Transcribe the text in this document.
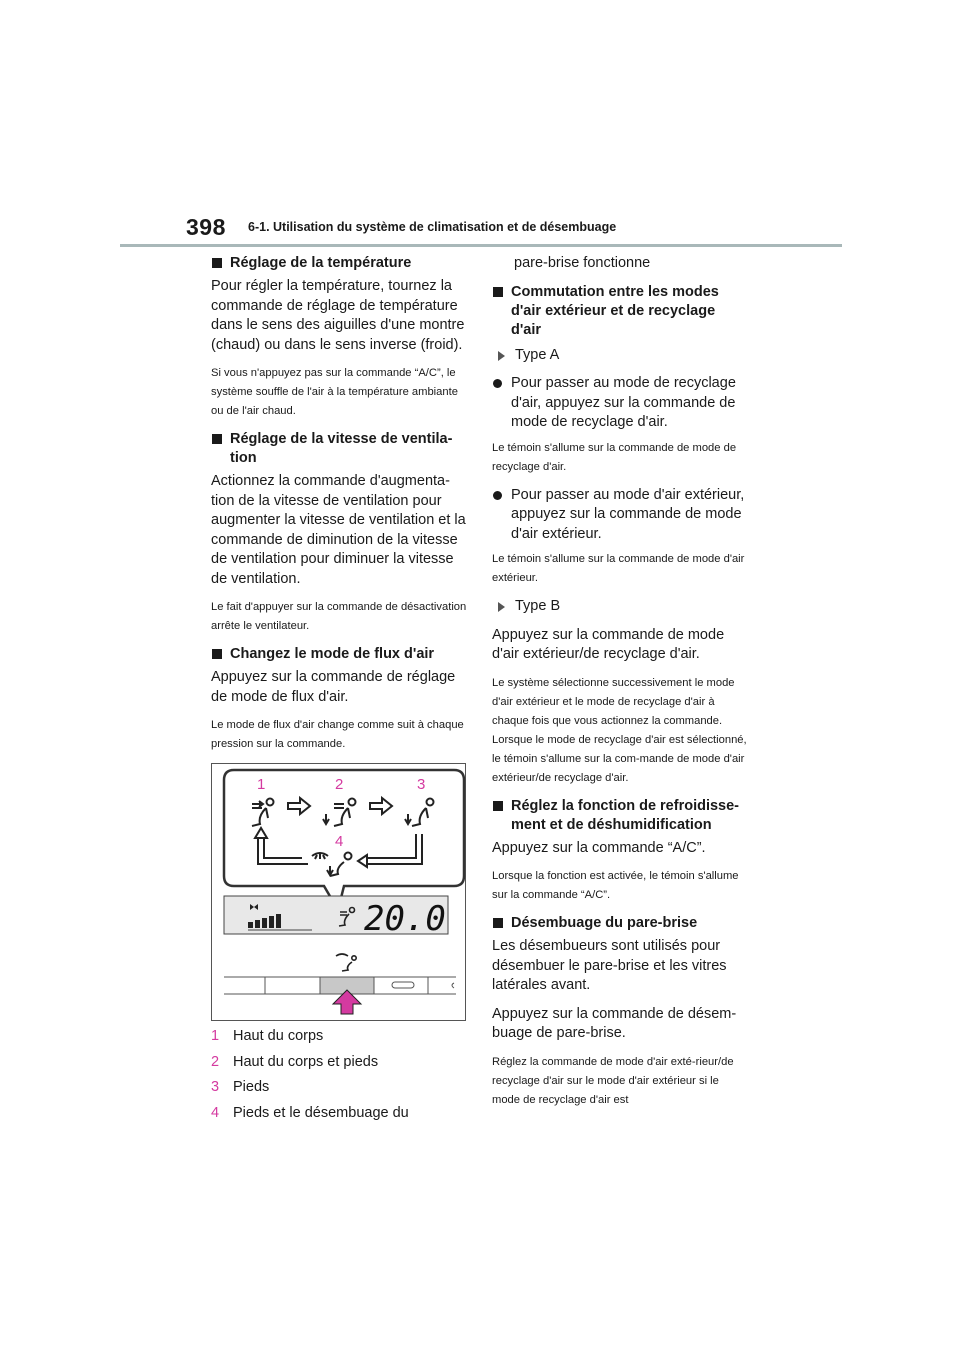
398 6-1. Utilisation du système de climatisation et de désembuage
Réglage de la température
Pour régler la température, tournez la commande de réglage de température dans le sens des aiguilles d'une montre (chaud) ou dans le sens inverse (froid).
Si vous n'appuyez pas sur la commande “A/C”, le système souffle de l'air à la température ambiante ou de l'air chaud.
Réglage de la vitesse de ventila-tion
Actionnez la commande d'augmenta-tion de la vitesse de ventilation pour augmenter la vitesse de ventilation et la commande de diminution de la vitesse de ventilation pour diminuer la vitesse de ventilation.
Le fait d'appuyer sur la commande de désactivation arrête le ventilateur.
Changez le mode de flux d'air
Appuyez sur la commande de réglage de mode de flux d'air.
Le mode de flux d'air change comme suit à chaque pression sur la commande.
1	2	3
4
20.0
1 Haut du corps
2 Haut du corps et pieds
3 Pieds
4 Pieds et le désembuage du
pare-brise fonctionne
Commutation entre les modes d'air extérieur et de recyclage d'air
Type A
Pour passer au mode de recyclage d'air, appuyez sur la commande de mode de recyclage d'air.
Le témoin s'allume sur la commande de mode de recyclage d'air.
Pour passer au mode d'air extérieur, appuyez sur la commande de mode d'air extérieur.
Le témoin s'allume sur la commande de mode d'air extérieur.
Type B
Appuyez sur la commande de mode d'air extérieur/de recyclage d'air.
Le système sélectionne successivement le mode d'air extérieur et le mode de recyclage d'air à chaque fois que vous actionnez la commande.
Lorsque le mode de recyclage d'air est sélectionné, le témoin s'allume sur la com-mande de mode d'air extérieur/de recyclage d'air.
Réglez la fonction de refroidisse-ment et de déshumidification
Appuyez sur la commande “A/C”.
Lorsque la fonction est activée, le témoin s'allume sur la commande “A/C”.
Désembuage du pare-brise
Les désembueurs sont utilisés pour désembuer le pare-brise et les vitres latérales avant.
Appuyez sur la commande de désem-buage de pare-brise.
Réglez la commande de mode d'air exté-rieur/de recyclage d'air sur le mode d'air extérieur si le mode de recyclage d'air est
